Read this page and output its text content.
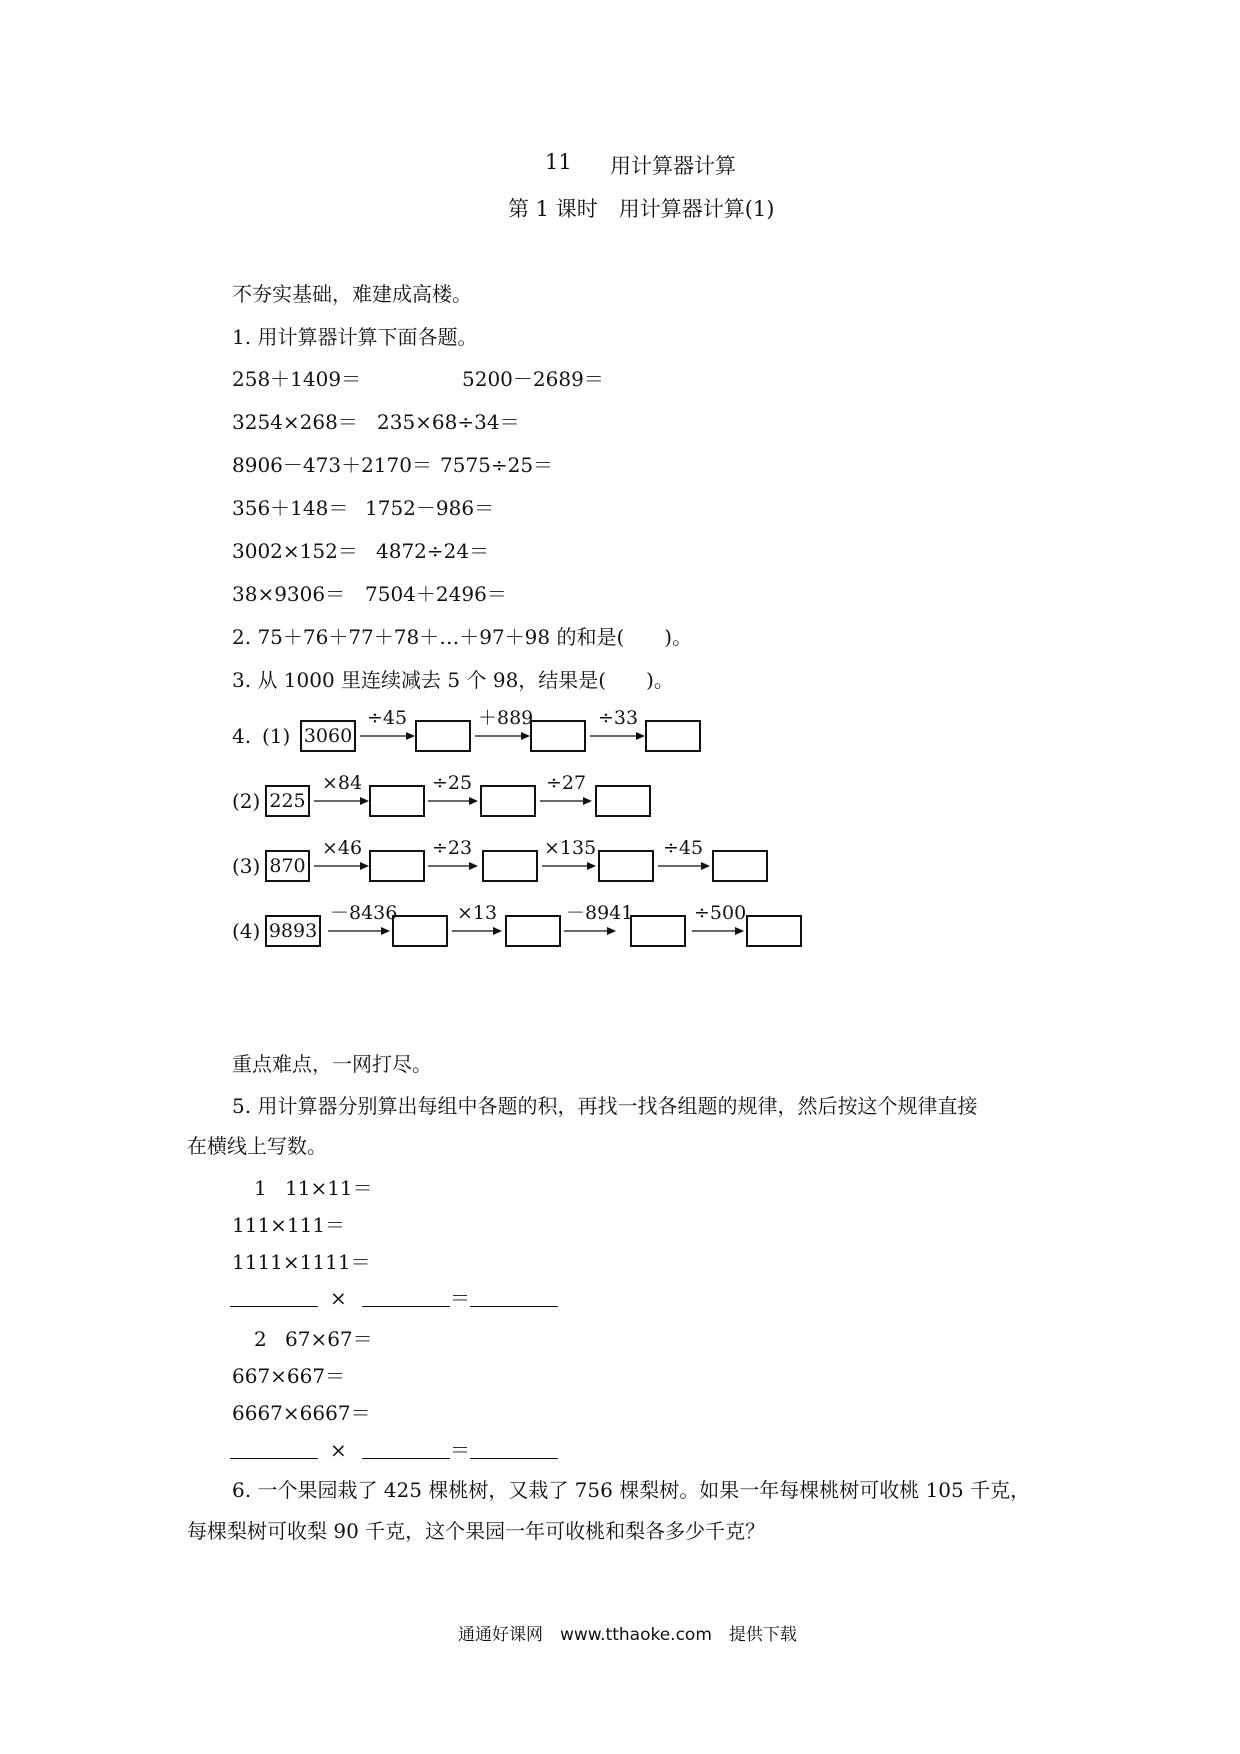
11 用计算器计算
第 1 课时　用计算器计算(1)
不夯实基础，难建成高楼。
1. 用计算器计算下面各题。
258＋1409＝	5200－2689＝
3254×268＝ 235×68÷34＝
8906－473＋2170＝ 7575÷25＝
356＋148＝ 1752－986＝
3002×152＝ 4872÷24＝
38×9306＝ 7504＋2496＝
2. 75＋76＋77＋78＋…＋97＋98 的和是(　　)。
3. 从 1000 里连续减去 5 个 98，结果是(　　)。
4. (1) 3060
÷45	＋889	÷33
(2) 225
×84	÷25	÷27
(3) 870
×46	÷23	×135	÷45
(4) 9893
－8436	×13	－8941	÷500
重点难点，一网打尽。
5. 用计算器分别算出每组中各题的积，再找一找各组题的规律，然后按这个规律直接
在横线上写数。
1 11×11＝
111×111＝
1111×1111＝
×	＝
2 67×67＝
667×667＝
6667×6667＝
×	＝
6. 一个果园栽了 425 棵桃树，又栽了 756 棵梨树。如果一年每棵桃树可收桃 105 千克，
每棵梨树可收梨 90 千克，这个果园一年可收桃和梨各多少千克？
通通好课网　www.tthaoke.com　提供下载
